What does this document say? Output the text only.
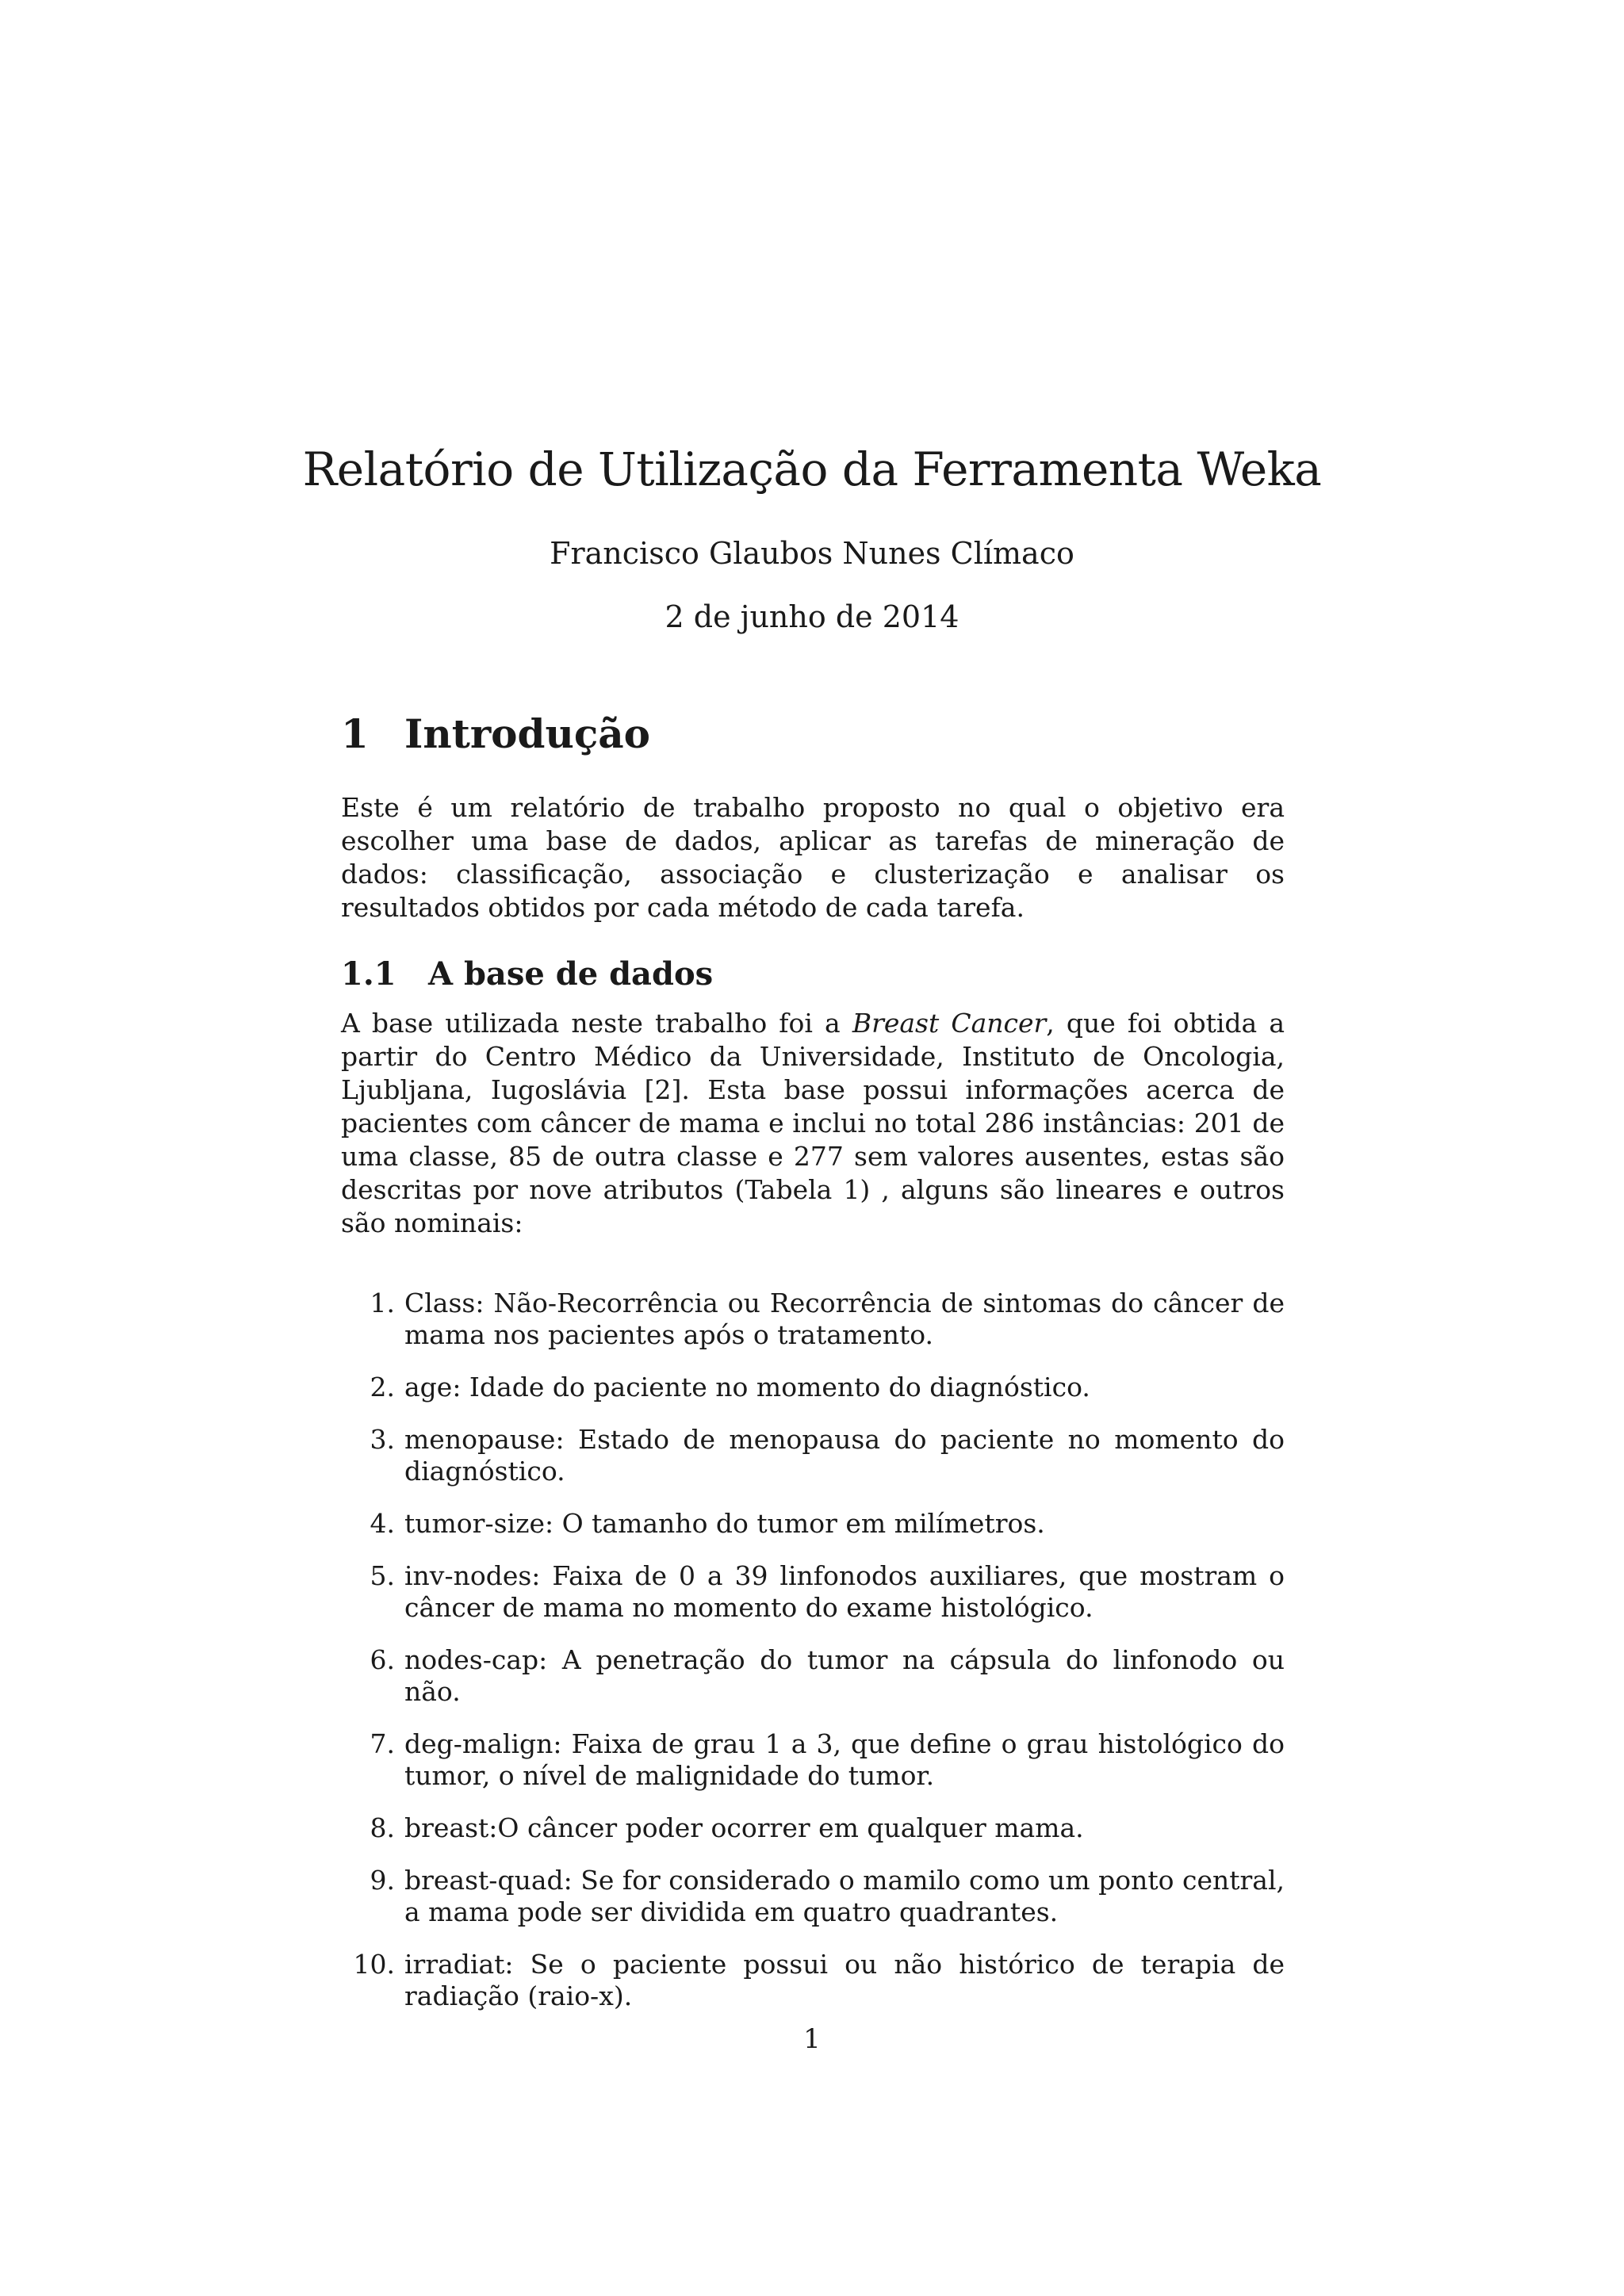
Relatório de Utilização da Ferramenta Weka
Francisco Glaubos Nunes Clímaco
2 de junho de 2014
1 Introdução

Este é um relatório de trabalho proposto no qual o objetivo era escolher uma base de dados, aplicar as tarefas de mineração de dados: classificação, associação e clusterização e analisar os resultados obtidos por cada método de cada tarefa.

1.1	A base de dados

A base utilizada neste trabalho foi a Breast Cancer, que foi obtida a partir do Centro Médico da Universidade, Instituto de Oncologia, Ljubljana, Iugoslávia [2]. Esta base possui informações acerca de pacientes com câncer de mama e inclui no total 286 instâncias: 201 de uma classe, 85 de outra classe e 277 sem valores ausentes, estas são descritas por nove atributos (Tabela 1) , alguns são lineares e outros são nominais:

1. Class: Não-Recorrência ou Recorrência de sintomas do câncer de mama nos pacientes após o tratamento.
2. age: Idade do paciente no momento do diagnóstico.
3. menopause: Estado de menopausa do paciente no momento do diagnóstico.
4. tumor-size: O tamanho do tumor em milímetros.
5. inv-nodes: Faixa de 0 a 39 linfonodos auxiliares, que mostram o câncer de mama no momento do exame histológico.
6. nodes-cap: A penetração do tumor na cápsula do linfonodo ou não.
7. deg-malign: Faixa de grau 1 a 3, que define o grau histológico do tumor, o nível de malignidade do tumor.
8. breast:O câncer poder ocorrer em qualquer mama.
9. breast-quad: Se for considerado o mamilo como um ponto central, a mama pode ser dividida em quatro quadrantes.
10. irradiat: Se o paciente possui ou não histórico de terapia de radiação (raio-x).
1
